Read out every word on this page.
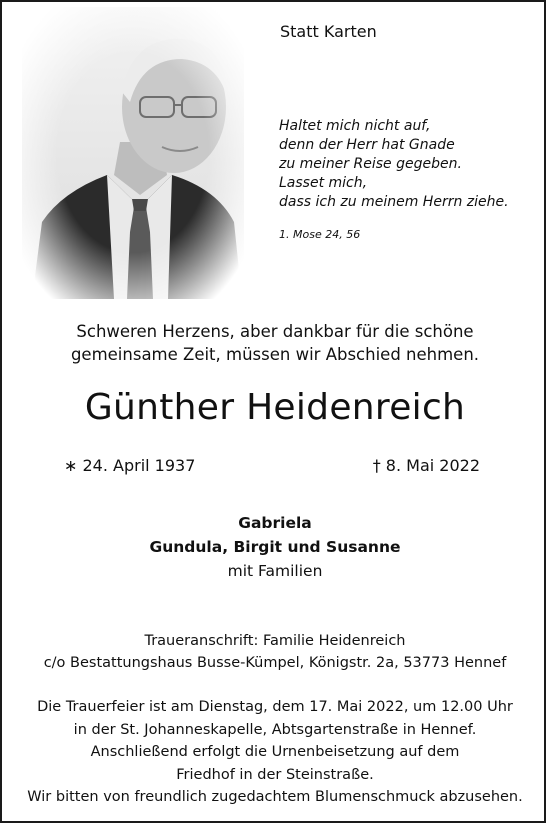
Statt Karten
Haltet mich nicht auf,
denn der Herr hat Gnade
zu meiner Reise gegeben.
Lasset mich,
dass ich zu meinem Herrn ziehe.
1. Mose 24, 56
Schweren Herzens, aber dankbar für die schöne
gemeinsame Zeit, müssen wir Abschied nehmen.
Günther Heidenreich
∗ 24. April 1937	† 8. Mai 2022
Gabriela
Gundula, Birgit und Susanne
mit Familien
Traueranschrift: Familie Heidenreich
c/o Bestattungshaus Busse-Kümpel, Königstr. 2a, 53773 Hennef
Die Trauerfeier ist am Dienstag, dem 17. Mai 2022, um 12.00 Uhr
in der St. Johanneskapelle, Abtsgartenstraße in Hennef.
Anschließend erfolgt die Urnenbeisetzung auf dem
Friedhof in der Steinstraße.
Wir bitten von freundlich zugedachtem Blumenschmuck abzusehen.
